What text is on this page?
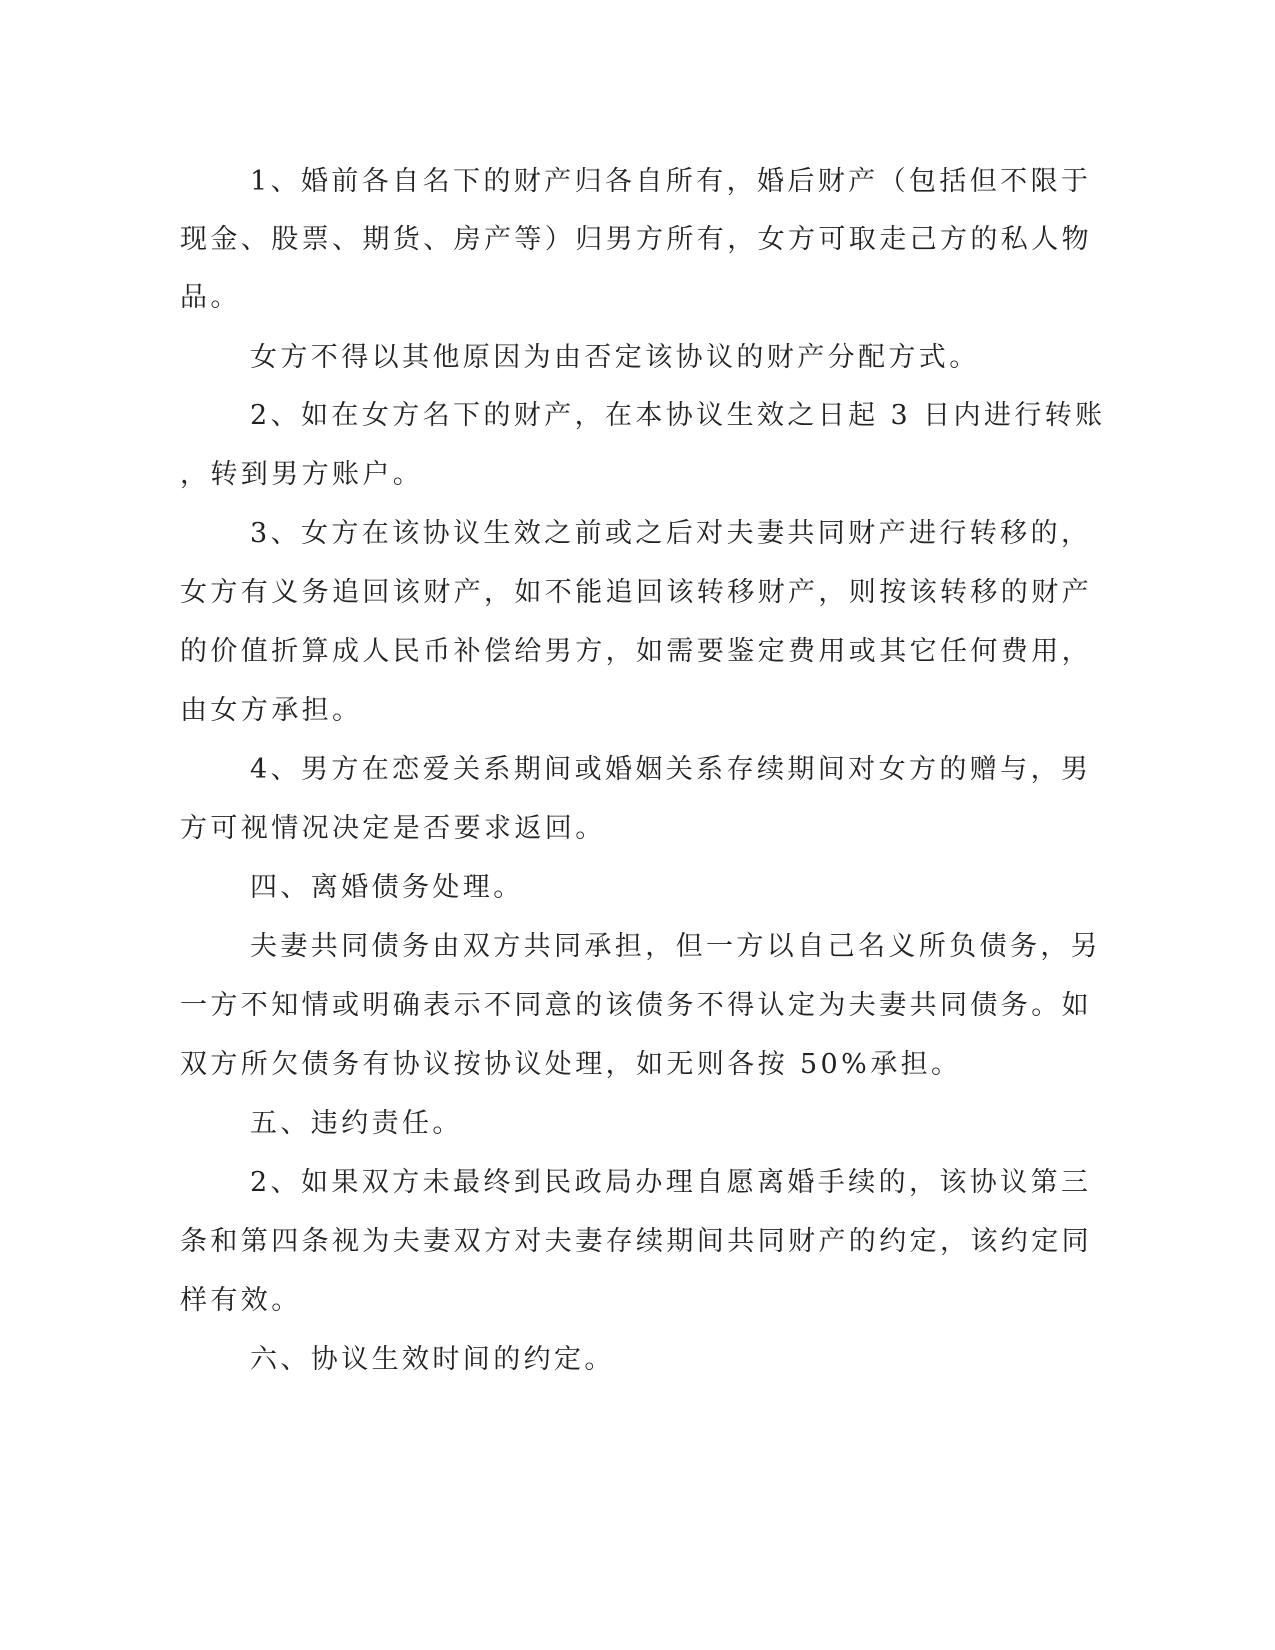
1、婚前各自名下的财产归各自所有，婚后财产（包括但不限于

现金、股票、期货、房产等）归男方所有，女方可取走己方的私人物

品。

女方不得以其他原因为由否定该协议的财产分配方式。

2、如在女方名下的财产，在本协议生效之日起 3 日内进行转账

，转到男方账户。

3、女方在该协议生效之前或之后对夫妻共同财产进行转移的，

女方有义务追回该财产，如不能追回该转移财产，则按该转移的财产

的价值折算成人民币补偿给男方，如需要鉴定费用或其它任何费用，

由女方承担。

4、男方在恋爱关系期间或婚姻关系存续期间对女方的赠与，男

方可视情况决定是否要求返回。

四、离婚债务处理。

夫妻共同债务由双方共同承担，但一方以自己名义所负债务，另

一方不知情或明确表示不同意的该债务不得认定为夫妻共同债务。如

双方所欠债务有协议按协议处理，如无则各按 50%承担。

五、违约责任。

2、如果双方未最终到民政局办理自愿离婚手续的，该协议第三

条和第四条视为夫妻双方对夫妻存续期间共同财产的约定，该约定同

样有效。

六、协议生效时间的约定。
